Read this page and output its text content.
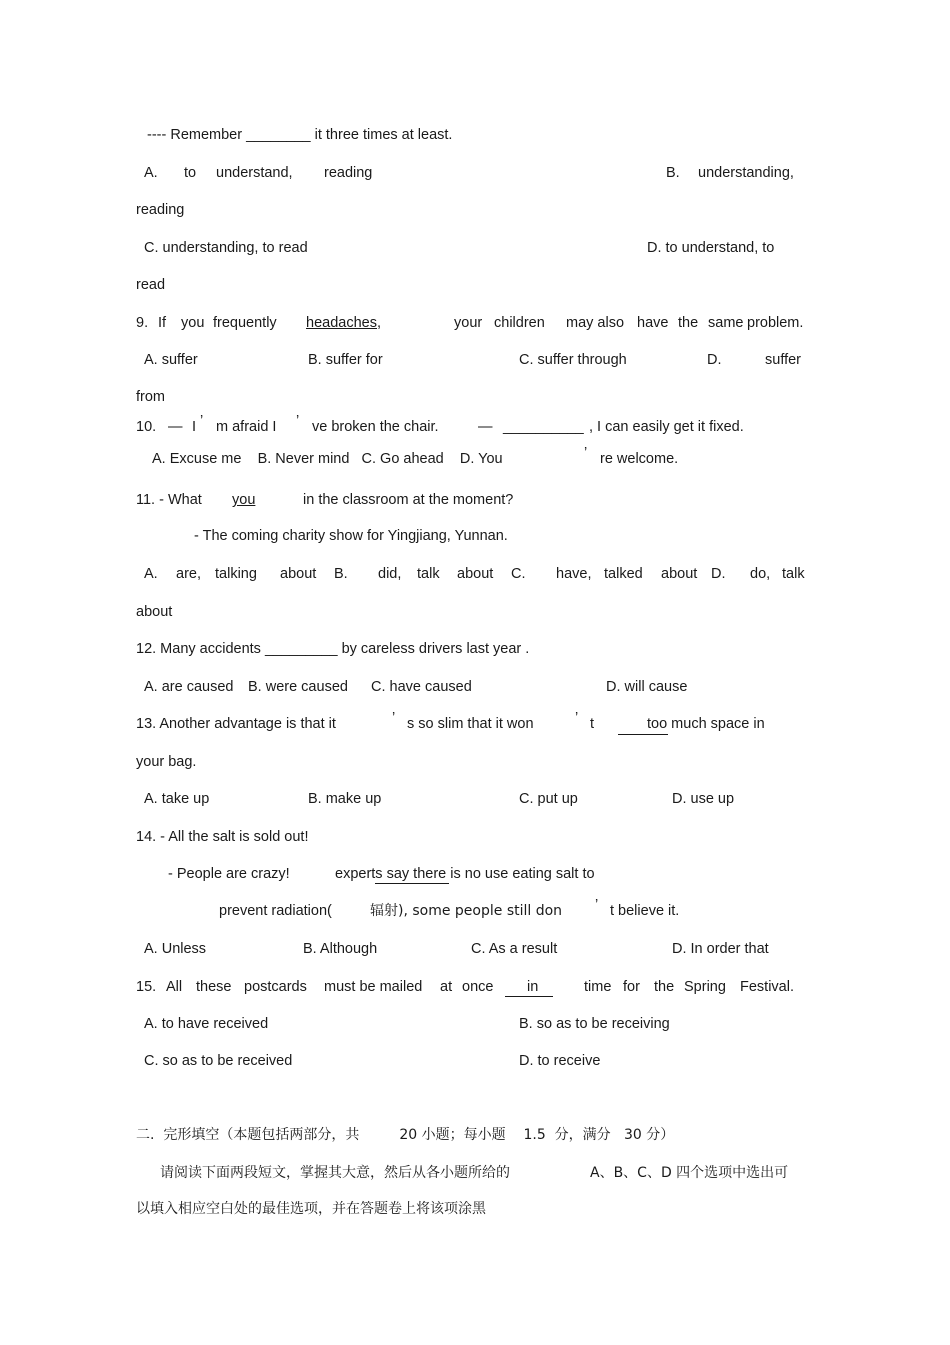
---- Remember ________ it three times at least.
A. to understand, reading	B. understanding,
reading
C. understanding, to read	D. to understand, to
read
9. If you frequently headaches,	your children may also have the same problem.
A. suffer	B. suffer for	C. suffer through	D.	suffer
from
10. — I ’ m afraid I ’ ve broken the chair.	— __________ , I can easily get it fixed.
A. Excuse me    B. Never mind   C. Go ahead    D. You	’ re welcome.
11. - What you	in the classroom at the moment?
- The coming charity show for Yingjiang, Yunnan.
A. are, talking about B. did, talk about C. have, talked about D. do, talk
about
12. Many accidents _________ by careless drivers last year .
A. are caused B. were caused C. have caused	D. will cause
13. Another advantage is that it	’ s so slim that it won	’ t	too much space in
your bag.
A. take up	B. make up	C. put up	D. use up
14. - All the salt is sold out!
- People are crazy!	experts say there is no use eating salt to
prevent radiation(	辐射), some people still don ’ t believe it.
A. Unless	B. Although	C. As a result	D. In order that
15. All these postcards must be mailed at once in	time for the Spring Festival.
A. to have received	B. so as to be receiving
C. so as to be received	D. to receive
二.  完形填空（本题包括两部分，共         20 小题；每小题    1.5  分，满分   30 分）
请阅读下面两段短文，掌握其大意，然后从各小题所给的	A、B、C、D 四个选项中选出可
以填入相应空白处的最佳选项，并在答题卷上将该项涂黑
